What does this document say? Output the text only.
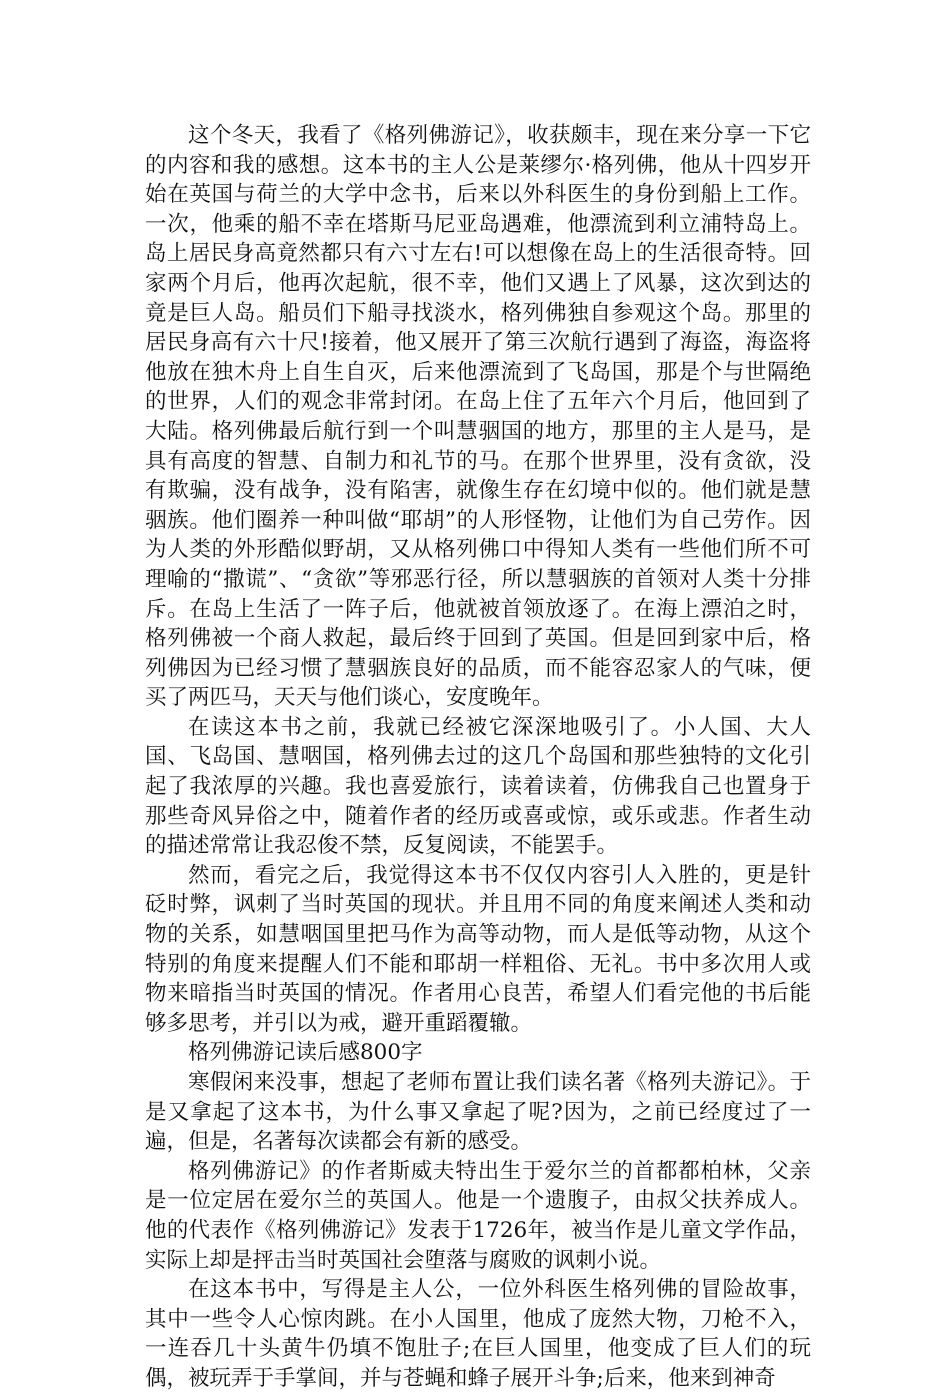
这个冬天，我看了《格列佛游记》，收获颇丰，现在来分享一下它的内容和我的感想。这本书的主人公是莱缪尔·格列佛，他从十四岁开始在英国与荷兰的大学中念书，后来以外科医生的身份到船上工作。一次，他乘的船不幸在塔斯马尼亚岛遇难，他漂流到利立浦特岛上。岛上居民身高竟然都只有六寸左右!可以想像在岛上的生活很奇特。回家两个月后，他再次起航，很不幸，他们又遇上了风暴，这次到达的竟是巨人岛。船员们下船寻找淡水，格列佛独自参观这个岛。那里的居民身高有六十尺!接着，他又展开了第三次航行遇到了海盗，海盗将他放在独木舟上自生自灭，后来他漂流到了飞岛国，那是个与世隔绝的世界，人们的观念非常封闭。在岛上住了五年六个月后，他回到了大陆。格列佛最后航行到一个叫慧骃国的地方，那里的主人是马，是具有高度的智慧、自制力和礼节的马。在那个世界里，没有贪欲，没有欺骗，没有战争，没有陷害，就像生存在幻境中似的。他们就是慧骃族。他们圈养一种叫做“耶胡”的人形怪物，让他们为自己劳作。因为人类的外形酷似野胡，又从格列佛口中得知人类有一些他们所不可理喻的“撒谎”、“贪欲”等邪恶行径，所以慧骃族的首领对人类十分排斥。在岛上生活了一阵子后，他就被首领放逐了。在海上漂泊之时，格列佛被一个商人救起，最后终于回到了英国。但是回到家中后，格列佛因为已经习惯了慧骃族良好的品质，而不能容忍家人的气味，便买了两匹马，天天与他们谈心，安度晚年。

在读这本书之前，我就已经被它深深地吸引了。小人国、大人国、飞岛国、慧咽国，格列佛去过的这几个岛国和那些独特的文化引起了我浓厚的兴趣。我也喜爱旅行，读着读着，仿佛我自己也置身于那些奇风异俗之中，随着作者的经历或喜或惊，或乐或悲。作者生动的描述常常让我忍俊不禁，反复阅读，不能罢手。

然而，看完之后，我觉得这本书不仅仅内容引人入胜的，更是针砭时弊，讽刺了当时英国的现状。并且用不同的角度来阐述人类和动物的关系，如慧咽国里把马作为高等动物，而人是低等动物，从这个特别的角度来提醒人们不能和耶胡一样粗俗、无礼。书中多次用人或物来暗指当时英国的情况。作者用心良苦，希望人们看完他的书后能够多思考，并引以为戒，避开重蹈覆辙。

格列佛游记读后感800字

寒假闲来没事，想起了老师布置让我们读名著《格列夫游记》。于是又拿起了这本书，为什么事又拿起了呢?因为，之前已经度过了一遍，但是，名著每次读都会有新的感受。

格列佛游记》的作者斯威夫特出生于爱尔兰的首都都柏林，父亲是一位定居在爱尔兰的英国人。他是一个遗腹子，由叔父扶养成人。他的代表作《格列佛游记》发表于1726年，被当作是儿童文学作品，实际上却是抨击当时英国社会堕落与腐败的讽刺小说。

在这本书中，写得是主人公，一位外科医生格列佛的冒险故事，其中一些令人心惊肉跳。在小人国里，他成了庞然大物，刀枪不入，一连吞几十头黄牛仍填不饱肚子;在巨人国里，他变成了巨人们的玩偶，被玩弄于手掌间，并与苍蝇和蜂子展开斗争;后来，他来到神奇
